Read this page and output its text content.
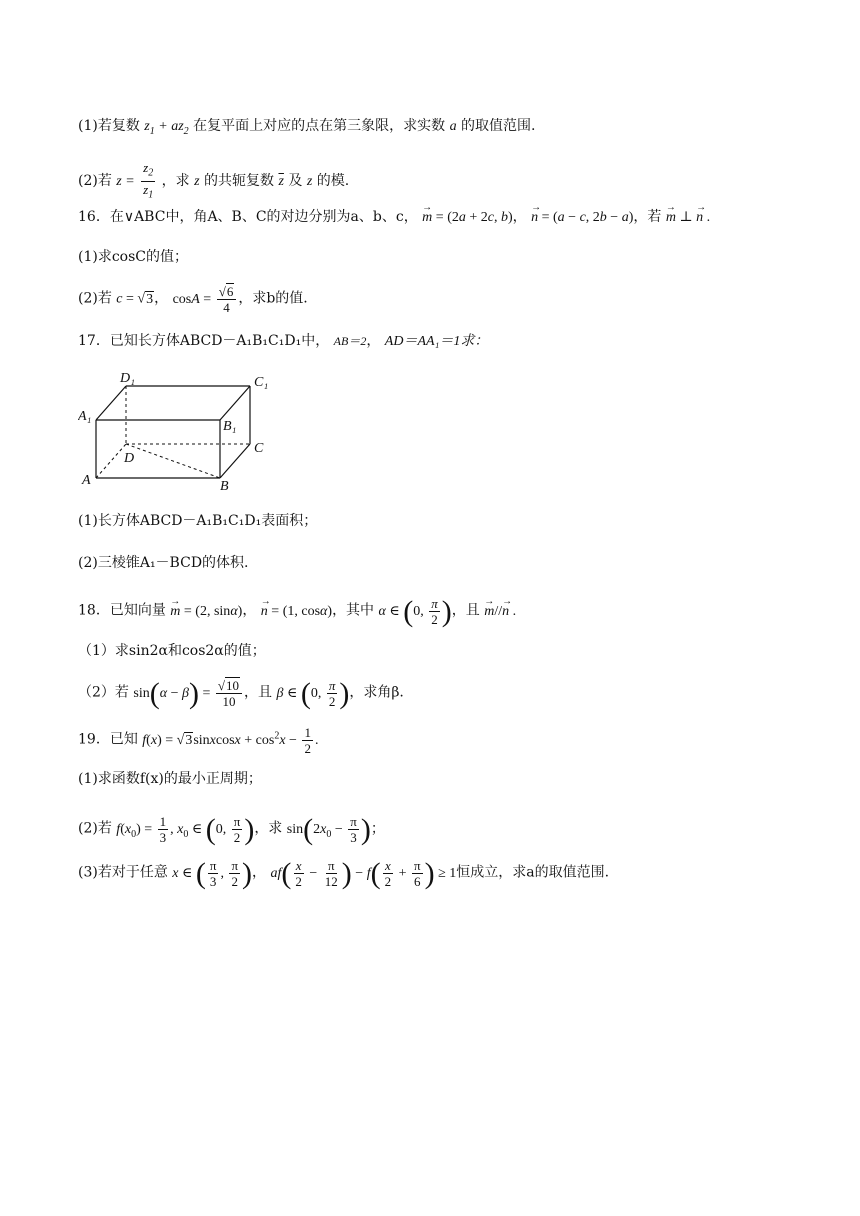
(1)若复数 $z_1 + az_2$ 在复平面上对应的点在第三象限，求实数 a 的取值范围.
(2)若 $z = \frac{z_2}{z_1}$ ，求 z 的共轭复数 $\overline{z}$ 及 z 的模.
16．在∨ABC中，角A、B、C的对边分别为a、b、c， → m = (2a + 2c, b)， → n = (a − c, 2b − a)，若 → m ⊥ → n .
(1)求cosC的值；
(2)若 c = √3， $\cos A = \frac{√6}{4}$ ，求b的值.
17．已知长方体ABCD－A₁B₁C₁D₁中， AB＝2， AD＝AA₁＝1求：
D₁	C₁
A₁
B₁
C
D
A	B
(1)长方体ABCD－A₁B₁C₁D₁表面积；
(2)三棱锥A₁－BCD的体积.
18．已知向量 → m = (2, sinα)， → n = (1, cosα)，其中 α ∈ (0, $\frac{\pi}{2}$ )，且 → m//→ n .
（1）求sin2α和cos2α的值；
（2）若 $\sin(\alpha - \beta) = \frac{√10}{10}$ ，且 β ∈ (0, $\frac{\pi}{2}$ )，求角β.
19．已知 f(x) = √3sinxcosx + $\cos^2x - \frac{1}{2}$ .
(1)求函数f(x)的最小正周期；
(2)若 $f(x_0) = \frac{1}{3}$ , $x_0$ ∈ (0, $\frac{\pi}{2}$ )，求 $\sin(2x_0 - \frac{\pi}{3}$ )；
(3)若对于任意 x ∈ ( $\frac{\pi}{3}$ , $\frac{\pi}{2}$ )， $af( \frac{x}{2} - \frac{\pi}{12}$ ) − $f( \frac{x}{2} + \frac{\pi}{6}$ ) ≥ 1恒成立，求a的取值范围.
